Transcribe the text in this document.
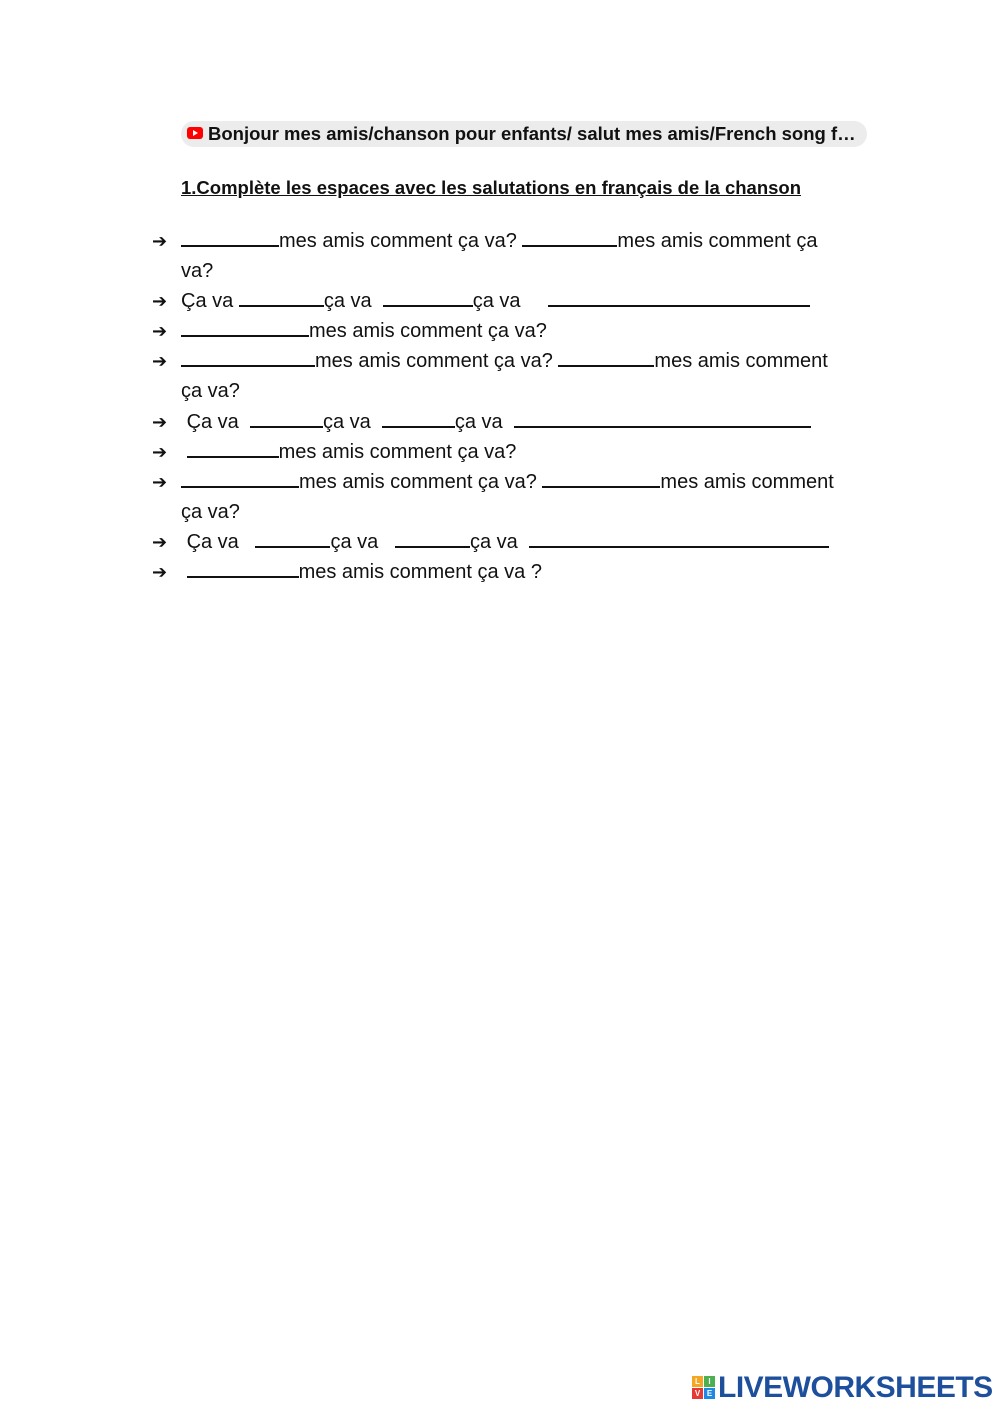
Bonjour mes amis/chanson pour enfants/ salut mes amis/French song f…
1.Complète les espaces avec les salutations en français de la chanson
➔	mes amis comment ça va?	mes amis comment ça
va?
➔ Ça va	ça va	ça va
➔	mes amis comment ça va?
➔	mes amis comment ça va?	mes amis comment
ça va?
➔ Ça va	ça va	ça va
➔	mes amis comment ça va?
➔	mes amis comment ça va?	mes amis comment
ça va?
➔ Ça va	ça va	ça va
➔	mes amis comment ça va ?
L	I
V E LIVEWORKSHEETS
